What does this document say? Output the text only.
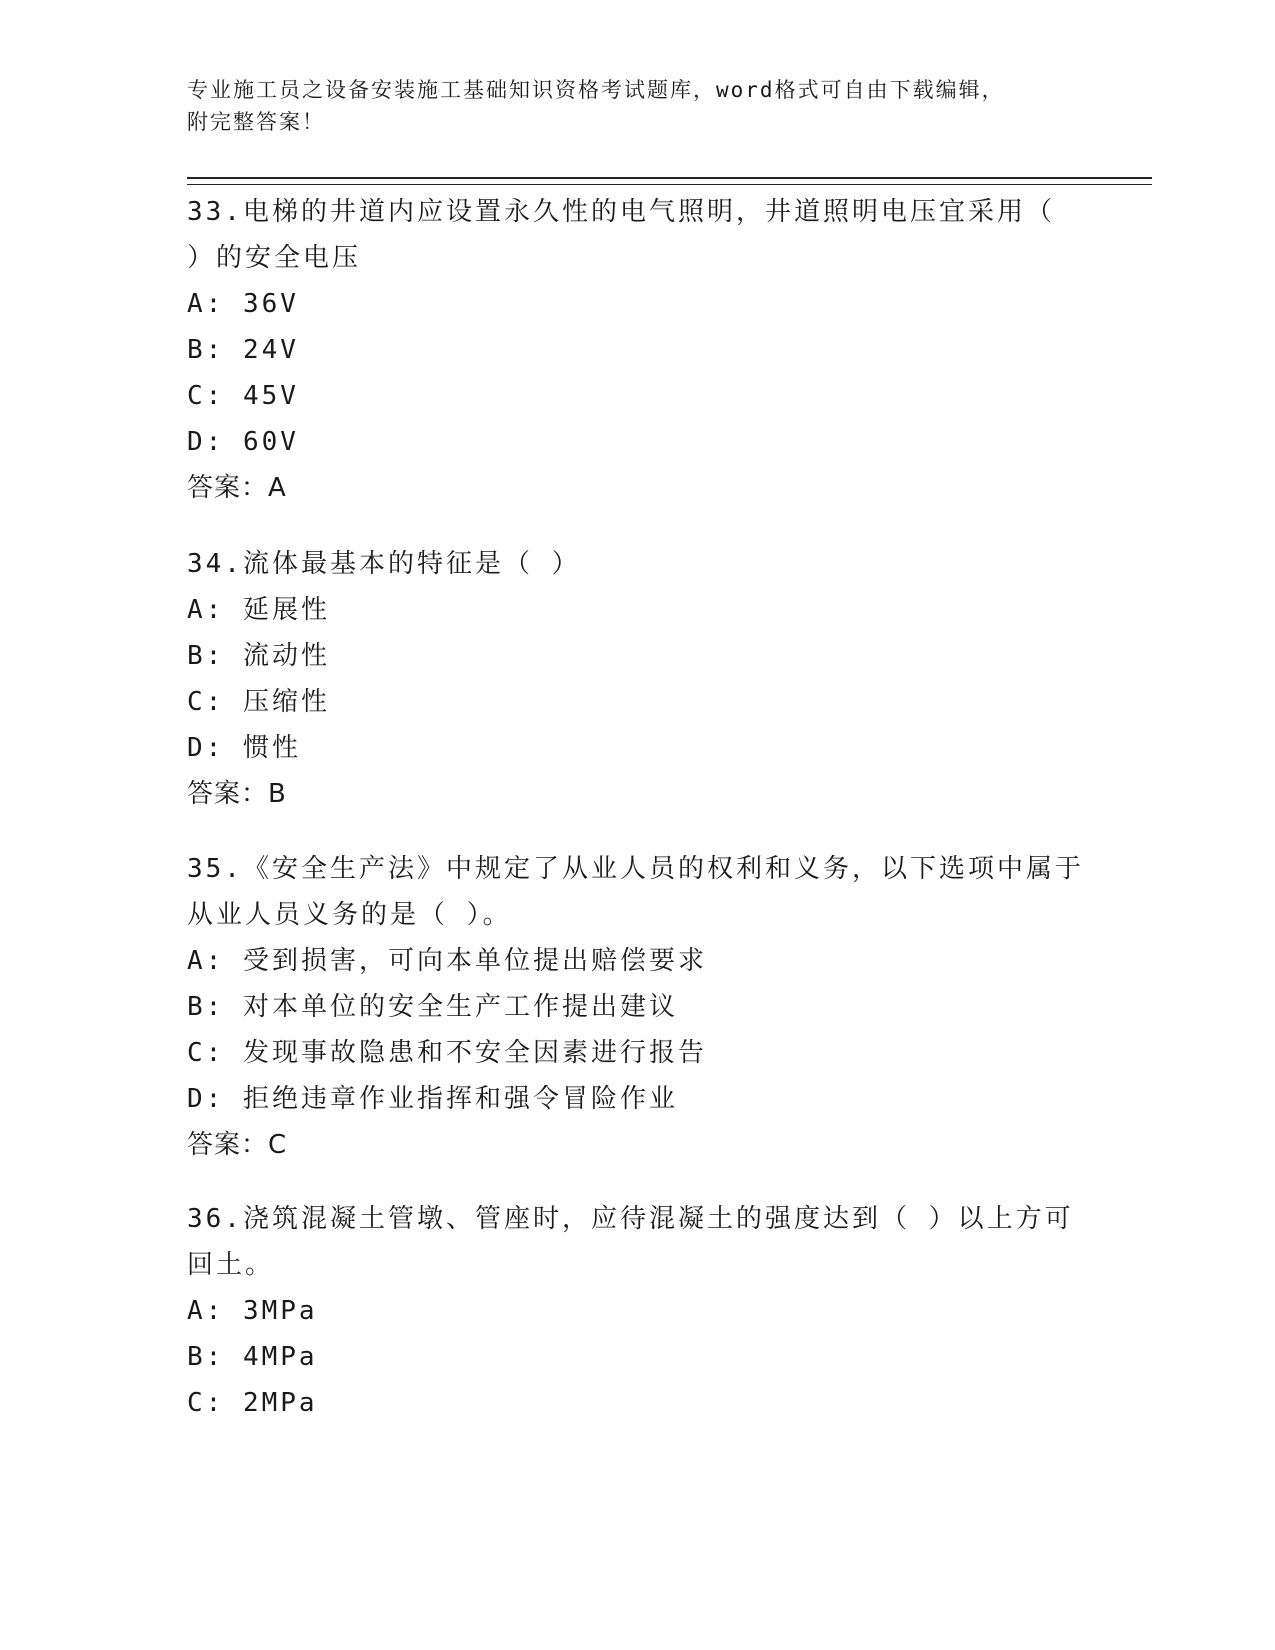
专业施工员之设备安装施工基础知识资格考试题库，word格式可自由下载编辑，

附完整答案！

33.电梯的井道内应设置永久性的电气照明，井道照明电压宜采用（ ）的安全电压

A: 36V

B: 24V

C: 45V

D: 60V

答案：A

34.流体最基本的特征是（ ）

A: 延展性

B: 流动性

C: 压缩性

D: 惯性

答案：B

35.《安全生产法》中规定了从业人员的权利和义务，以下选项中属于从业人员义务的是（ ）。

A: 受到损害，可向本单位提出赔偿要求

B: 对本单位的安全生产工作提出建议

C: 发现事故隐患和不安全因素进行报告

D: 拒绝违章作业指挥和强令冒险作业

答案：C

36.浇筑混凝土管墩、管座时，应待混凝土的强度达到（ ）以上方可回土。

A: 3MPa

B: 4MPa

C: 2MPa
